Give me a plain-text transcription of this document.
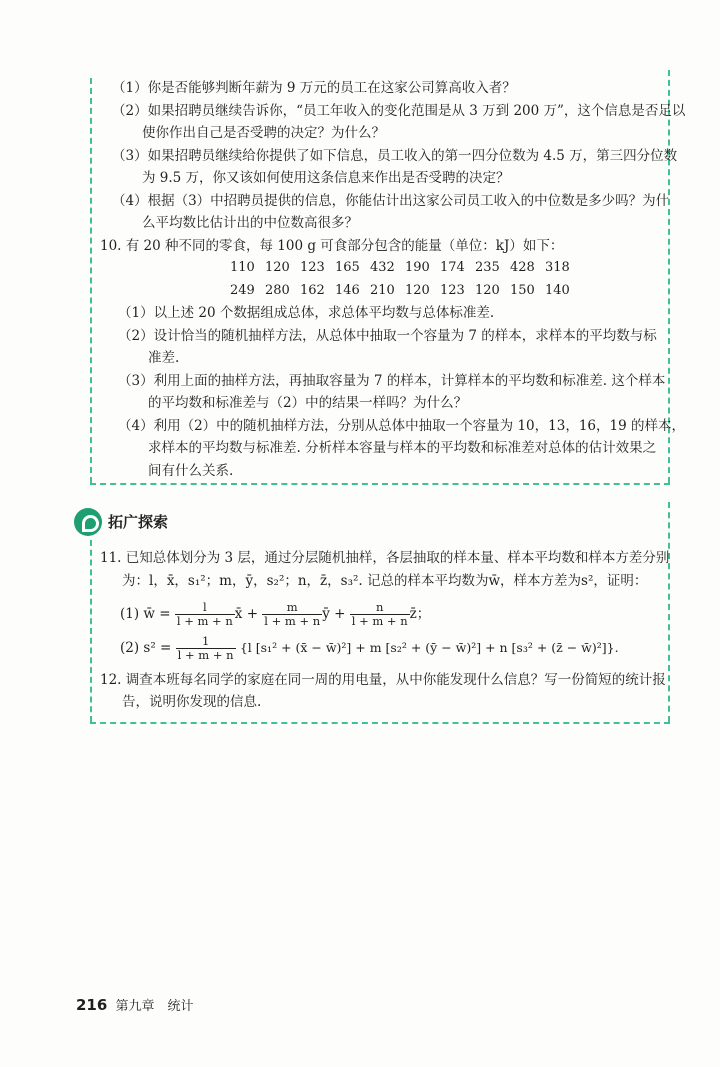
（1）你是否能够判断年薪为 9 万元的员工在这家公司算高收入者？
（2）如果招聘员继续告诉你，“员工年收入的变化范围是从 3 万到 200 万”，这个信息是否足以
使你作出自己是否受聘的决定？为什么？
（3）如果招聘员继续给你提供了如下信息，员工收入的第一四分位数为 4.5 万，第三四分位数
为 9.5 万，你又该如何使用这条信息来作出是否受聘的决定？
（4）根据（3）中招聘员提供的信息，你能估计出这家公司员工收入的中位数是多少吗？为什
么平均数比估计出的中位数高很多？
10. 有 20 种不同的零食，每 100 g 可食部分包含的能量（单位：kJ）如下：
110 120 123 165 432 190 174 235 428 318
249 280 162 146 210 120 123 120 150 140
（1）以上述 20 个数据组成总体，求总体平均数与总体标准差.
（2）设计恰当的随机抽样方法，从总体中抽取一个容量为 7 的样本，求样本的平均数与标
准差.
（3）利用上面的抽样方法，再抽取容量为 7 的样本，计算样本的平均数和标准差. 这个样本
的平均数和标准差与（2）中的结果一样吗？为什么？
（4）利用（2）中的随机抽样方法，分别从总体中抽取一个容量为 10，13，16，19 的样本，
求样本的平均数与标准差. 分析样本容量与样本的平均数和标准差对总体的估计效果之
间有什么关系.
拓广探索
11. 已知总体划分为 3 层，通过分层随机抽样，各层抽取的样本量、样本平均数和样本方差分别
为：l，x̄，s₁²；m，ȳ，s₂²；n，z̄，s₃². 记总的样本平均数为w̄，样本方差为s²，证明：
(1) w̄ = $\frac{l}{l + m + n}$ x̄ + $\frac{m}{l + m + n}$ ȳ + $\frac{n}{l + m + n}$ z̄；
(2) $s^2 = \frac{1}{l + m + n} \{l$ [s₁² + (x̄ − w̄)²] + m [s₂² + (ȳ − w̄)²] + n [s₃² + (z̄ − w̄)²]}.
12. 调查本班每名同学的家庭在同一周的用电量，从中你能发现什么信息？写一份简短的统计报
告，说明你发现的信息.
216 第九章　统计
